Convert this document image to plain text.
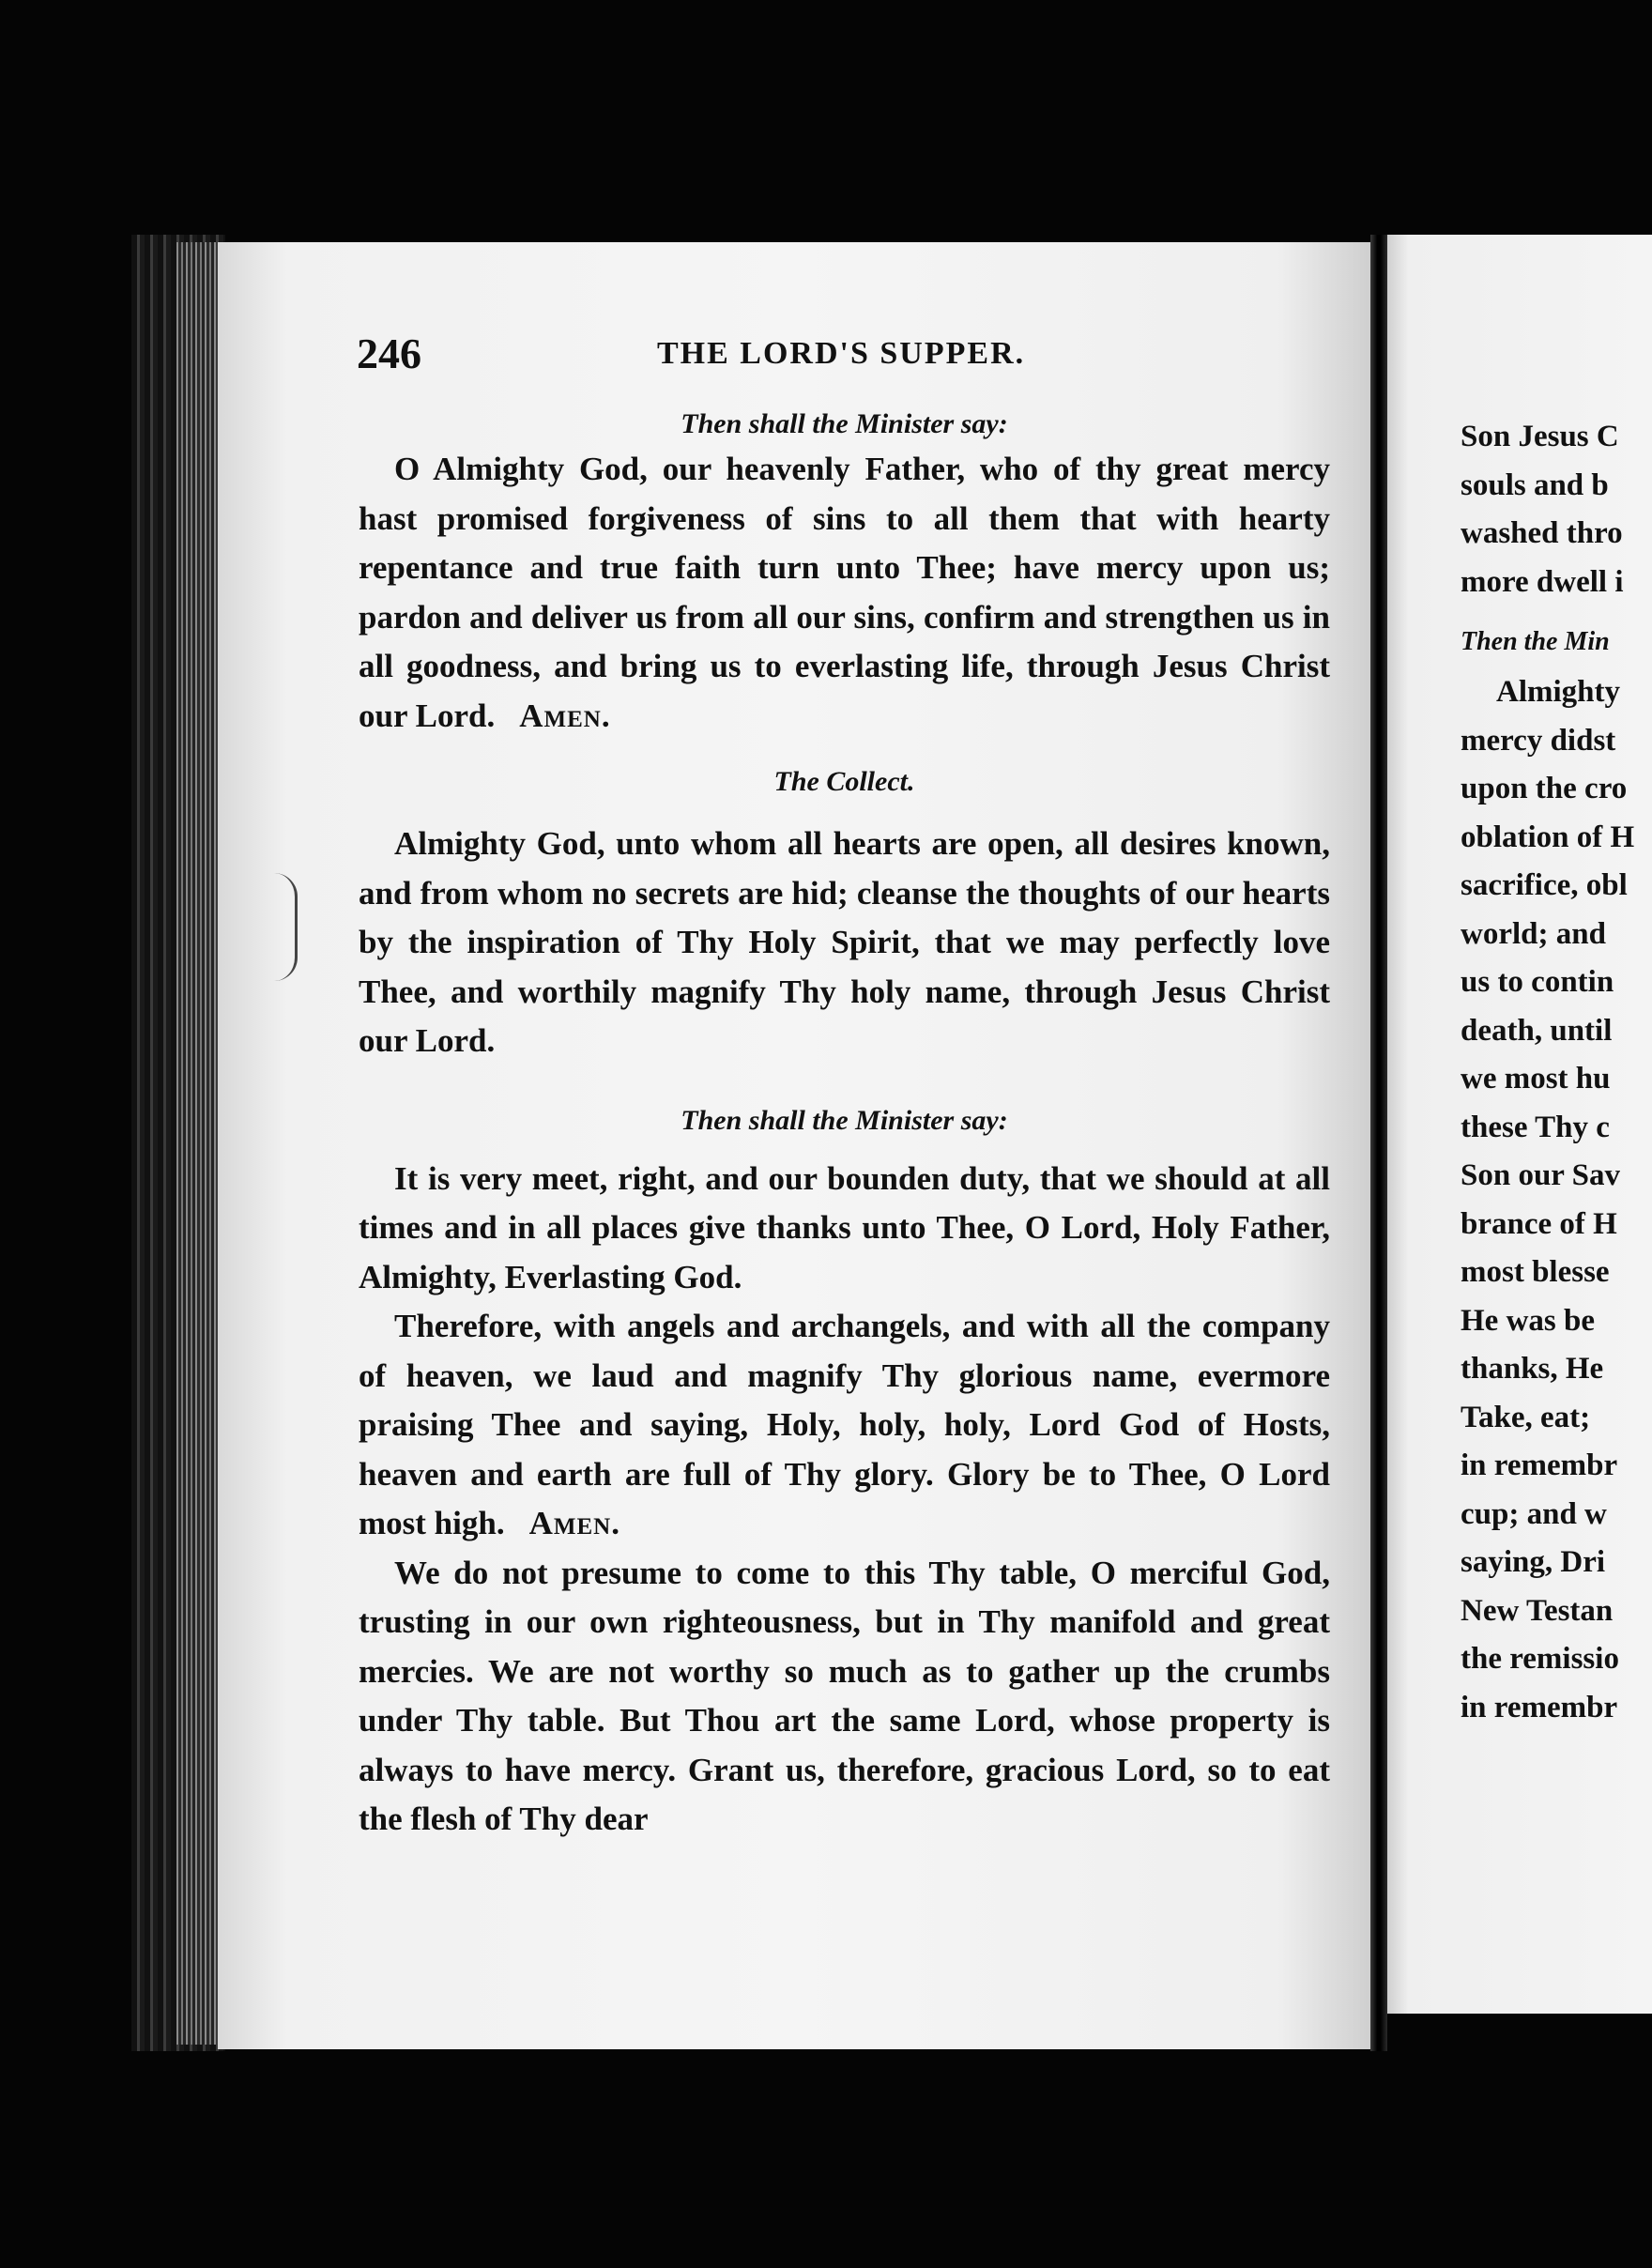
246	THE LORD'S SUPPER.

Then shall the Minister say:

O Almighty God, our heavenly Father, who of thy great mercy hast promised forgiveness of sins to all them that with hearty repentance and true faith turn unto Thee; have mercy upon us; pardon and deliver us from all our sins, confirm and strengthen us in all goodness, and bring us to everlasting life, through Jesus Christ our Lord. Amen.

The Collect.

Almighty God, unto whom all hearts are open, all desires known, and from whom no secrets are hid; cleanse the thoughts of our hearts by the inspiration of Thy Holy Spirit, that we may perfectly love Thee, and worthily magnify Thy holy name, through Jesus Christ our Lord.

Then shall the Minister say:

It is very meet, right, and our bounden duty, that we should at all times and in all places give thanks unto Thee, O Lord, Holy Father, Almighty, Everlasting God.

Therefore, with angels and archangels, and with all the company of heaven, we laud and magnify Thy glorious name, evermore praising Thee and saying, Holy, holy, holy, Lord God of Hosts, heaven and earth are full of Thy glory. Glory be to Thee, O Lord most high. Amen.

We do not presume to come to this Thy table, O merciful God, trusting in our own righteousness, but in Thy manifold and great mercies. We are not worthy so much as to gather up the crumbs under Thy table. But Thou art the same Lord, whose property is always to have mercy. Grant us, therefore, gracious Lord, so to eat the flesh of Thy dear

Son Jesus C
souls and b
washed thro
more dwell i
Then the Min
Almighty
mercy didst
upon the cro
oblation of H
sacrifice, obl
world; and
us to contin
death, until
we most hu
these Thy c
Son our Sav
brance of H
most blesse
He was be
thanks, He
Take, eat;
in remembr
cup; and w
saying, Dri
New Testan
the remissio
in remembr
